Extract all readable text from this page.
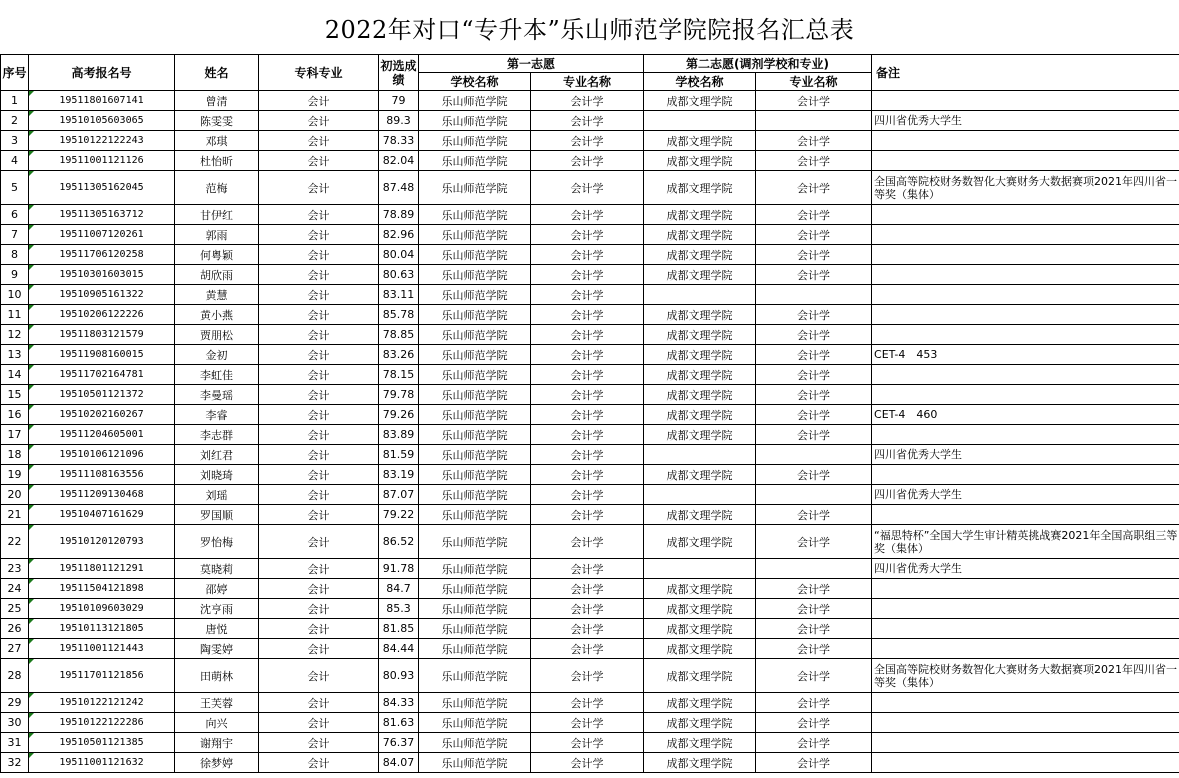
2022年对口“专升本”乐山师范学院院报名汇总表
序号	高考报名号	姓名	专科专业	初选成绩	第一志愿		第二志愿(调剂学校和专业)		备注
					学校名称	专业名称	学校名称	专业名称	
1	19511801607141	曾清	会计	79	乐山师范学院	会计学	成都文理学院	会计学	
2	19510105603065	陈雯雯	会计	89.3	乐山师范学院	会计学			四川省优秀大学生
3	19510122122243	邓琪	会计	78.33	乐山师范学院	会计学	成都文理学院	会计学	
4	19511001121126	杜怡昕	会计	82.04	乐山师范学院	会计学	成都文理学院	会计学	
5	19511305162045	范梅	会计	87.48	乐山师范学院	会计学	成都文理学院	会计学	全国高等院校财务数智化大赛财务大数据赛项2021年四川省一等奖（集体）
6	19511305163712	甘伊红	会计	78.89	乐山师范学院	会计学	成都文理学院	会计学	
7	19511007120261	郭雨	会计	82.96	乐山师范学院	会计学	成都文理学院	会计学	
8	19511706120258	何粤颖	会计	80.04	乐山师范学院	会计学	成都文理学院	会计学	
9	19510301603015	胡欣雨	会计	80.63	乐山师范学院	会计学	成都文理学院	会计学	
10	19510905161322	黄慧	会计	83.11	乐山师范学院	会计学			
11	19510206122226	黄小燕	会计	85.78	乐山师范学院	会计学	成都文理学院	会计学	
12	19511803121579	贾朋松	会计	78.85	乐山师范学院	会计学	成都文理学院	会计学	
13	19511908160015	金初	会计	83.26	乐山师范学院	会计学	成都文理学院	会计学	CET-4　453
14	19511702164781	李虹佳	会计	78.15	乐山师范学院	会计学	成都文理学院	会计学	
15	19510501121372	李曼瑶	会计	79.78	乐山师范学院	会计学	成都文理学院	会计学	
16	19510202160267	李睿	会计	79.26	乐山师范学院	会计学	成都文理学院	会计学	CET-4　460
17	19511204605001	李志群	会计	83.89	乐山师范学院	会计学	成都文理学院	会计学	
18	19510106121096	刘红君	会计	81.59	乐山师范学院	会计学			四川省优秀大学生
19	19511108163556	刘晓琦	会计	83.19	乐山师范学院	会计学	成都文理学院	会计学	
20	19511209130468	刘瑶	会计	87.07	乐山师范学院	会计学			四川省优秀大学生
21	19510407161629	罗国顺	会计	79.22	乐山师范学院	会计学	成都文理学院	会计学	
22	19510120120793	罗怡梅	会计	86.52	乐山师范学院	会计学	成都文理学院	会计学	“福思特杯”全国大学生审计精英挑战赛2021年全国高职组三等奖（集体）
23	19511801121291	莫晓莉	会计	91.78	乐山师范学院	会计学			四川省优秀大学生
24	19511504121898	邵婷	会计	84.7	乐山师范学院	会计学	成都文理学院	会计学	
25	19510109603029	沈亨雨	会计	85.3	乐山师范学院	会计学	成都文理学院	会计学	
26	19510113121805	唐悦	会计	81.85	乐山师范学院	会计学	成都文理学院	会计学	
27	19511001121443	陶雯婷	会计	84.44	乐山师范学院	会计学	成都文理学院	会计学	
28	19511701121856	田萌林	会计	80.93	乐山师范学院	会计学	成都文理学院	会计学	全国高等院校财务数智化大赛财务大数据赛项2021年四川省一等奖（集体）
29	19510122121242	王芙蓉	会计	84.33	乐山师范学院	会计学	成都文理学院	会计学	
30	19510122122286	向兴	会计	81.63	乐山师范学院	会计学	成都文理学院	会计学	
31	19510501121385	谢翔宇	会计	76.37	乐山师范学院	会计学	成都文理学院	会计学	
32	19511001121632	徐梦婷	会计	84.07	乐山师范学院	会计学	成都文理学院	会计学	
